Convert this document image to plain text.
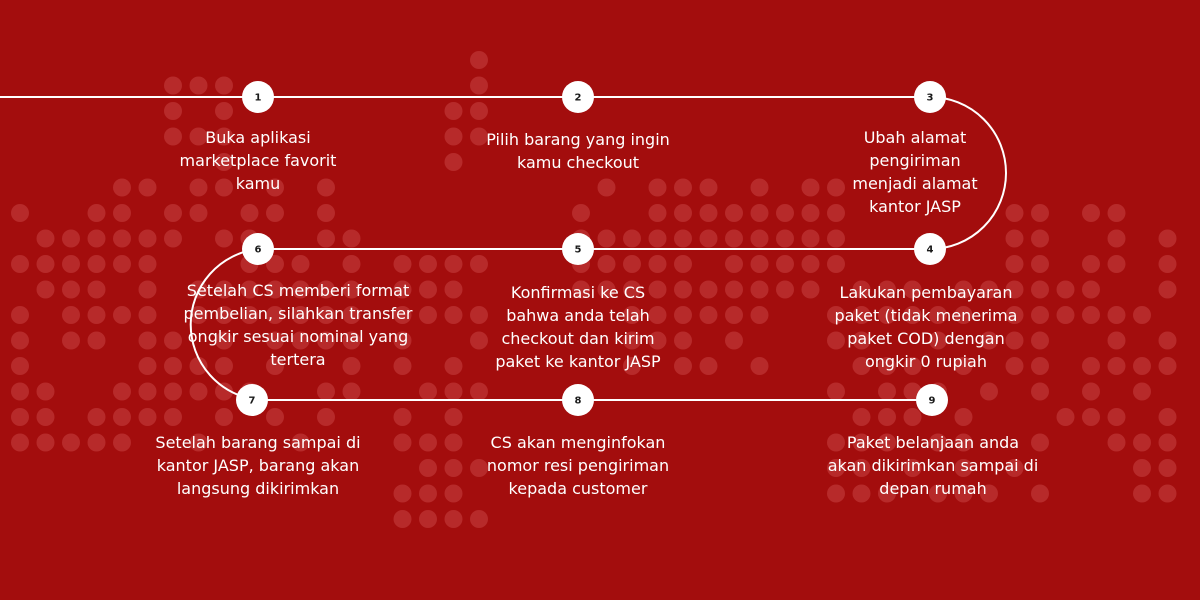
1	2	3
4
5
6
7	8	9
Buka aplikasi
marketplace favorit
kamu
Pilih barang yang ingin
kamu checkout
Ubah alamat
pengiriman
menjadi alamat
kantor JASP
Setelah CS memberi format
pembelian, silahkan transfer
ongkir sesuai nominal yang
tertera
Konfirmasi ke CS
bahwa anda telah
checkout dan kirim
paket ke kantor JASP
Lakukan pembayaran
paket (tidak menerima
paket COD) dengan
ongkir 0 rupiah
Setelah barang sampai di
kantor JASP, barang akan
langsung dikirimkan
CS akan menginfokan
nomor resi pengiriman
kepada customer
Paket belanjaan anda
akan dikirimkan sampai di
depan rumah
